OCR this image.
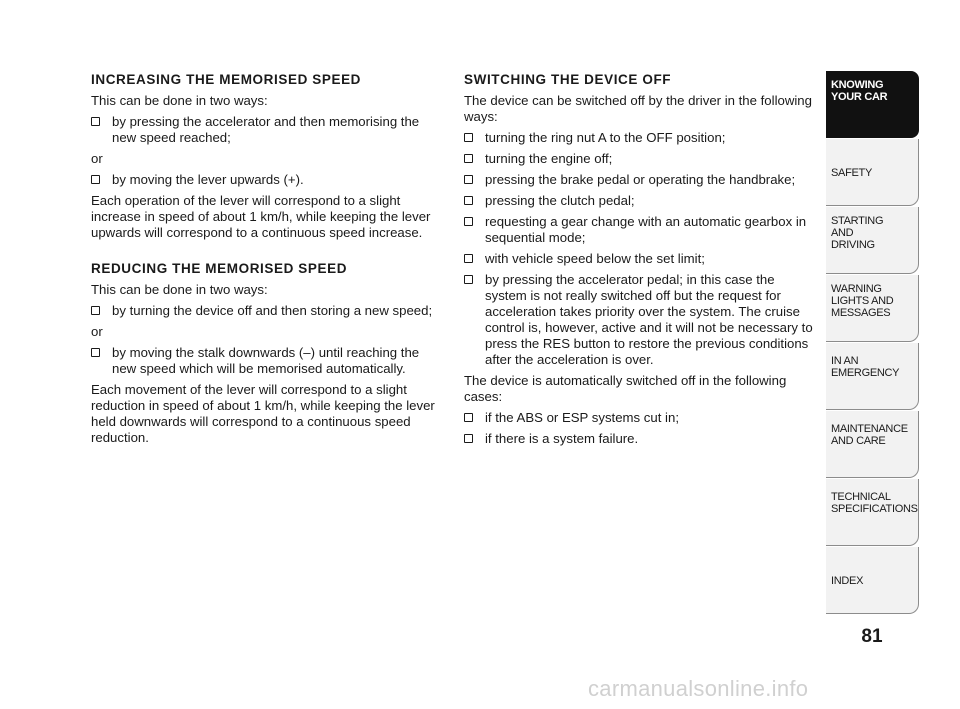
INCREASING THE MEMORISED SPEED

This can be done in two ways:

by pressing the accelerator and then memorising the new speed reached;

or

by moving the lever upwards (+).

Each operation of the lever will correspond to a slight increase in speed of about 1 km/h, while keeping the lever upwards will correspond to a continuous speed increase.

REDUCING THE MEMORISED SPEED

This can be done in two ways:

by turning the device off and then storing a new speed;

or

by moving the stalk downwards (–) until reaching the new speed which will be memorised automatically.

Each movement of the lever will correspond to a slight reduction in speed of about 1 km/h, while keeping the lever held downwards will correspond to a continuous speed reduction.

SWITCHING THE DEVICE OFF

The device can be switched off by the driver in the following ways:

turning the ring nut A to the OFF position;
turning the engine off;
pressing the brake pedal or operating the handbrake;
pressing the clutch pedal;
requesting a gear change with an automatic gearbox in sequential mode;
with vehicle speed below the set limit;
by pressing the accelerator pedal; in this case the system is not really switched off but the request for acceleration takes priority over the system. The cruise control is, however, active and it will not be necessary to press the RES button to restore the previous conditions after the acceleration is over.

The device is automatically switched off in the following cases:

if the ABS or ESP systems cut in;
if there is a system failure.
KNOWING
YOUR CAR
SAFETY
STARTING
AND
DRIVING
WARNING
LIGHTS AND
MESSAGES
IN AN
EMERGENCY
MAINTENANCE
AND CARE
TECHNICAL
SPECIFICATIONS
INDEX
81
carmanualsonline.info
